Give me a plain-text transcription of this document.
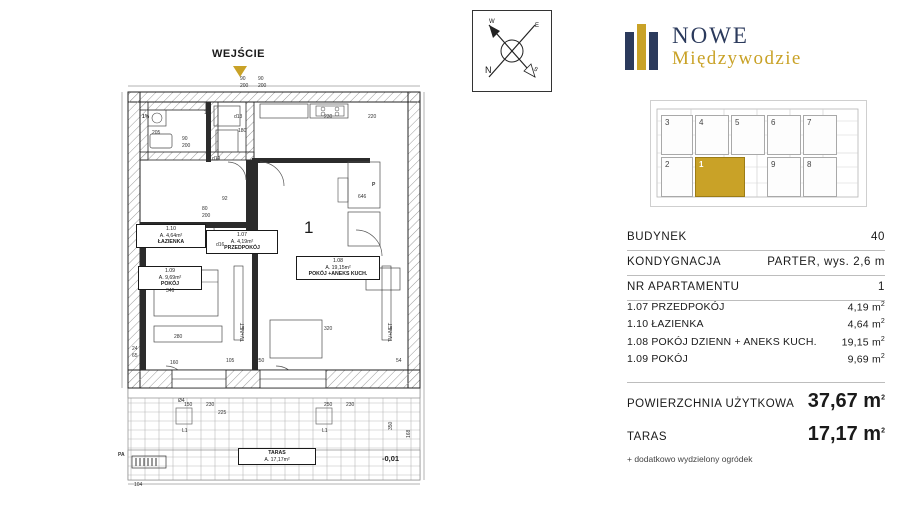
WEJŚCIE
N	S
W
E
1.10
A. 4,64m²
ŁAZIENKA
1.07
A. 4,19m²
PRZEDPOKÓJ
1.09
A. 9,69m²
POKÓJ
1.08
A. 19,15m²
POKÓJ +ANEKS KUCH.
TARAS
A. 17,17m²
1
-0,01
PA
d13
d19
d16
L1	L1
Ø4
TV+NET	TV+NET
90
200
90
200
205
90
200
80
200
346
280
24
65
160
150	230	250	230
250
105	54
104
230	220
646
320
350
168
1%
P
15
180
92
225
NOWE
Międzywodzie
3	4	5	6	7
2	1	9	8
BUDYNEK	40
KONDYGNACJA	PARTER, wys. 2,6 m
NR APARTAMENTU	1
1.07 PRZEDPOKÓJ	4,19 $m^2$
1.10 ŁAZIENKA	4,64 $m^2$
1.08 POKÓJ DZIENN + ANEKS KUCH. 19,15 $m^2$
1.09 POKÓJ	9,69 $m^2$
POWIERZCHNIA UŻYTKOWA 37,67 $m^2$
TARAS	17,17 $m^2$
+ dodatkowo wydzielony ogródek
